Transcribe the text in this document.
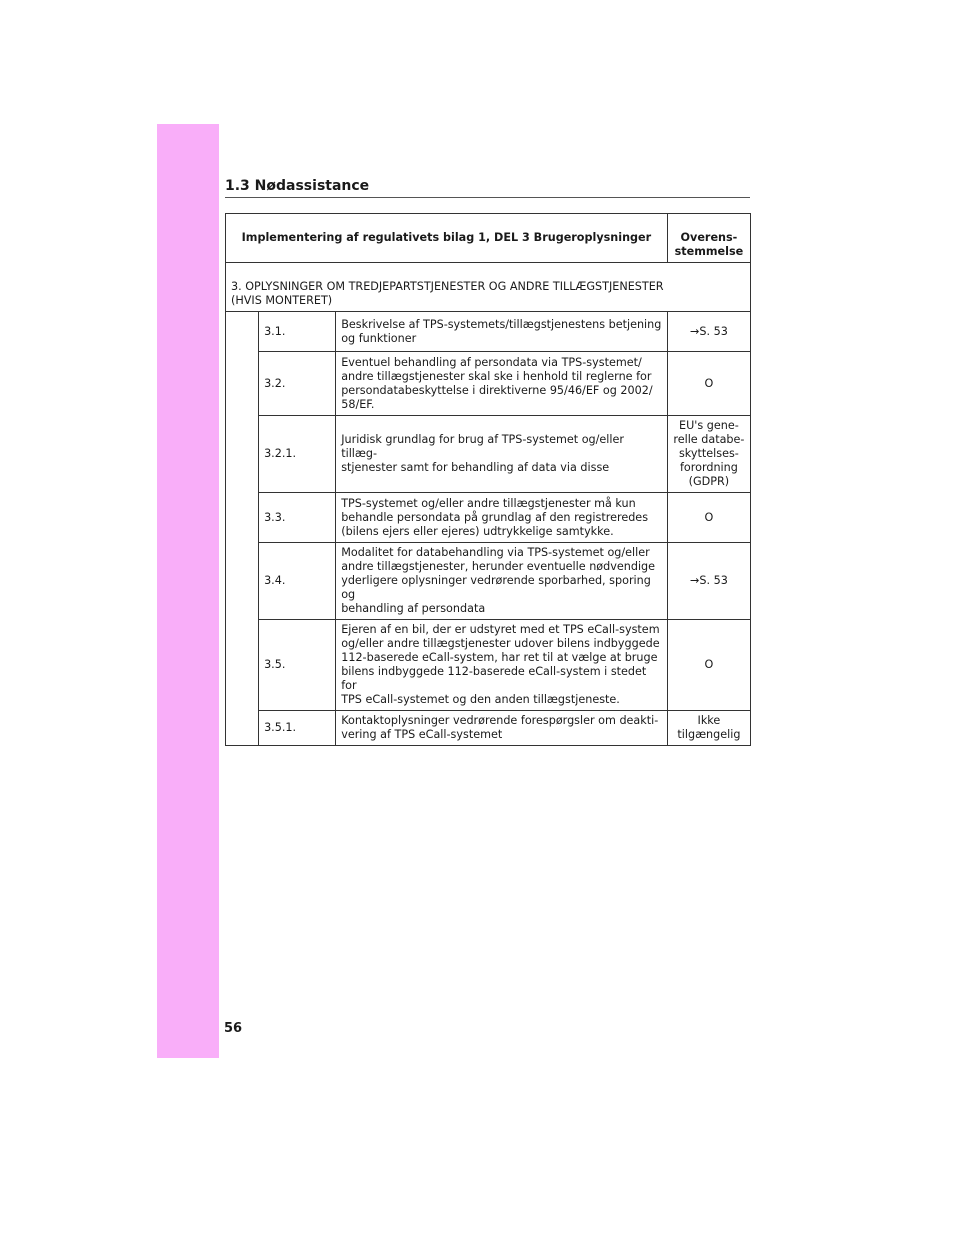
1.3 Nødassistance
Implementering af regulativets bilag 1, DEL 3 Brugeroplysninger			Overens-
stemmelse

3. OPLYSNINGER OM TREDJEPARTSTJENESTER OG ANDRE TILLÆGSTJENESTER
(HVIS MONTERET)			

	3.1.	Beskrivelse af TPS-systemets/tillægstjenestens betjening
og funktioner	→S. 53
	3.2.	Eventuel behandling af persondata via TPS-systemet/
andre tillægstjenester skal ske i henhold til reglerne for
persondatabeskyttelse i direktiverne 95/46/EF og 2002/
58/EF.	O
	3.2.1.	Juridisk grundlag for brug af TPS-systemet og/eller tillæg-
stjenester samt for behandling af data via disse	EU's gene-
relle databe-
skyttelses-
forordning
(GDPR)
	3.3.	TPS-systemet og/eller andre tillægstjenester må kun
behandle persondata på grundlag af den registreredes
(bilens ejers eller ejeres) udtrykkelige samtykke.	O
	3.4.	Modalitet for databehandling via TPS-systemet og/eller
andre tillægstjenester, herunder eventuelle nødvendige
yderligere oplysninger vedrørende sporbarhed, sporing og
behandling af persondata	→S. 53
	3.5.	Ejeren af en bil, der er udstyret med et TPS eCall-system
og/eller andre tillægstjenester udover bilens indbyggede
112-baserede eCall-system, har ret til at vælge at bruge
bilens indbyggede 112-baserede eCall-system i stedet for
TPS eCall-systemet og den anden tillægstjeneste.	O
	3.5.1.	Kontaktoplysninger vedrørende forespørgsler om deakti-
vering af TPS eCall-systemet	Ikke
tilgængelig
56
